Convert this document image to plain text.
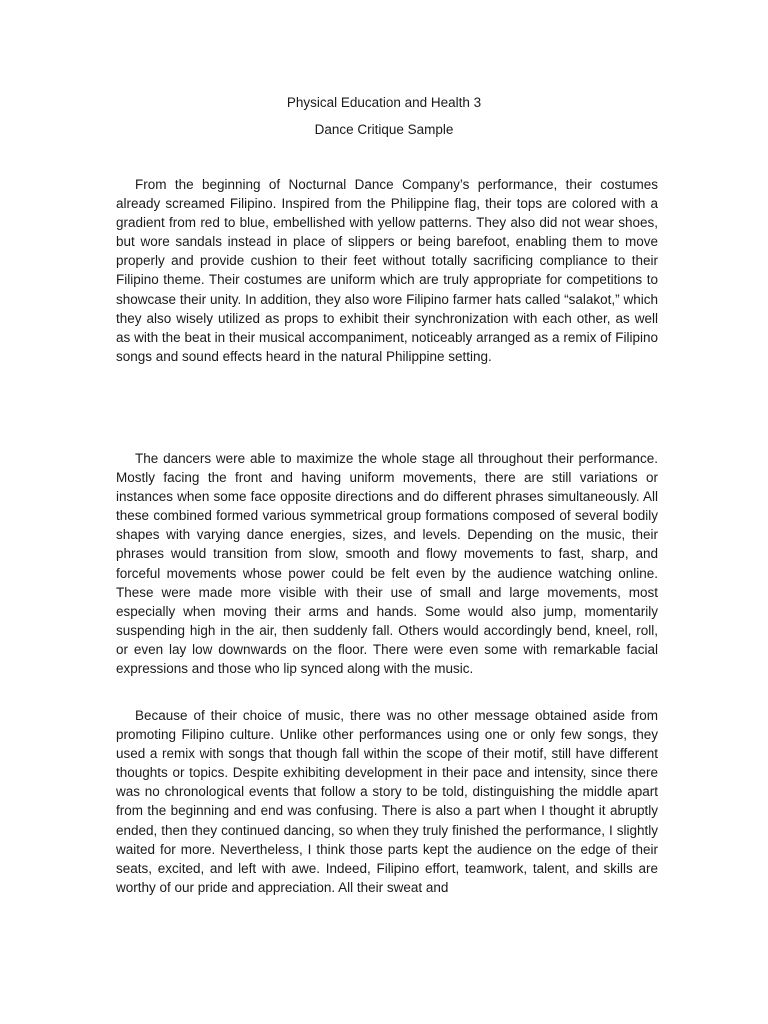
Physical Education and Health 3
Dance Critique Sample

From the beginning of Nocturnal Dance Company’s performance, their costumes already screamed Filipino. Inspired from the Philippine flag, their tops are colored with a gradient from red to blue, embellished with yellow patterns. They also did not wear shoes, but wore sandals instead in place of slippers or being barefoot, enabling them to move properly and provide cushion to their feet without totally sacrificing compliance to their Filipino theme. Their costumes are uniform which are truly appropriate for competitions to showcase their unity. In addition, they also wore Filipino farmer hats called “salakot,” which they also wisely utilized as props to exhibit their synchronization with each other, as well as with the beat in their musical accompaniment, noticeably arranged as a remix of Filipino songs and sound effects heard in the natural Philippine setting.

The dancers were able to maximize the whole stage all throughout their performance. Mostly facing the front and having uniform movements, there are still variations or instances when some face opposite directions and do different phrases simultaneously. All these combined formed various symmetrical group formations composed of several bodily shapes with varying dance energies, sizes, and levels. Depending on the music, their phrases would transition from slow, smooth and flowy movements to fast, sharp, and forceful movements whose power could be felt even by the audience watching online. These were made more visible with their use of small and large movements, most especially when moving their arms and hands. Some would also jump, momentarily suspending high in the air, then suddenly fall. Others would accordingly bend, kneel, roll, or even lay low downwards on the floor. There were even some with remarkable facial expressions and those who lip synced along with the music.

Because of their choice of music, there was no other message obtained aside from promoting Filipino culture. Unlike other performances using one or only few songs, they used a remix with songs that though fall within the scope of their motif, still have different thoughts or topics. Despite exhibiting development in their pace and intensity, since there was no chronological events that follow a story to be told, distinguishing the middle apart from the beginning and end was confusing. There is also a part when I thought it abruptly ended, then they continued dancing, so when they truly finished the performance, I slightly waited for more. Nevertheless, I think those parts kept the audience on the edge of their seats, excited, and left with awe. Indeed, Filipino effort, teamwork, talent, and skills are worthy of our pride and appreciation. All their sweat and
